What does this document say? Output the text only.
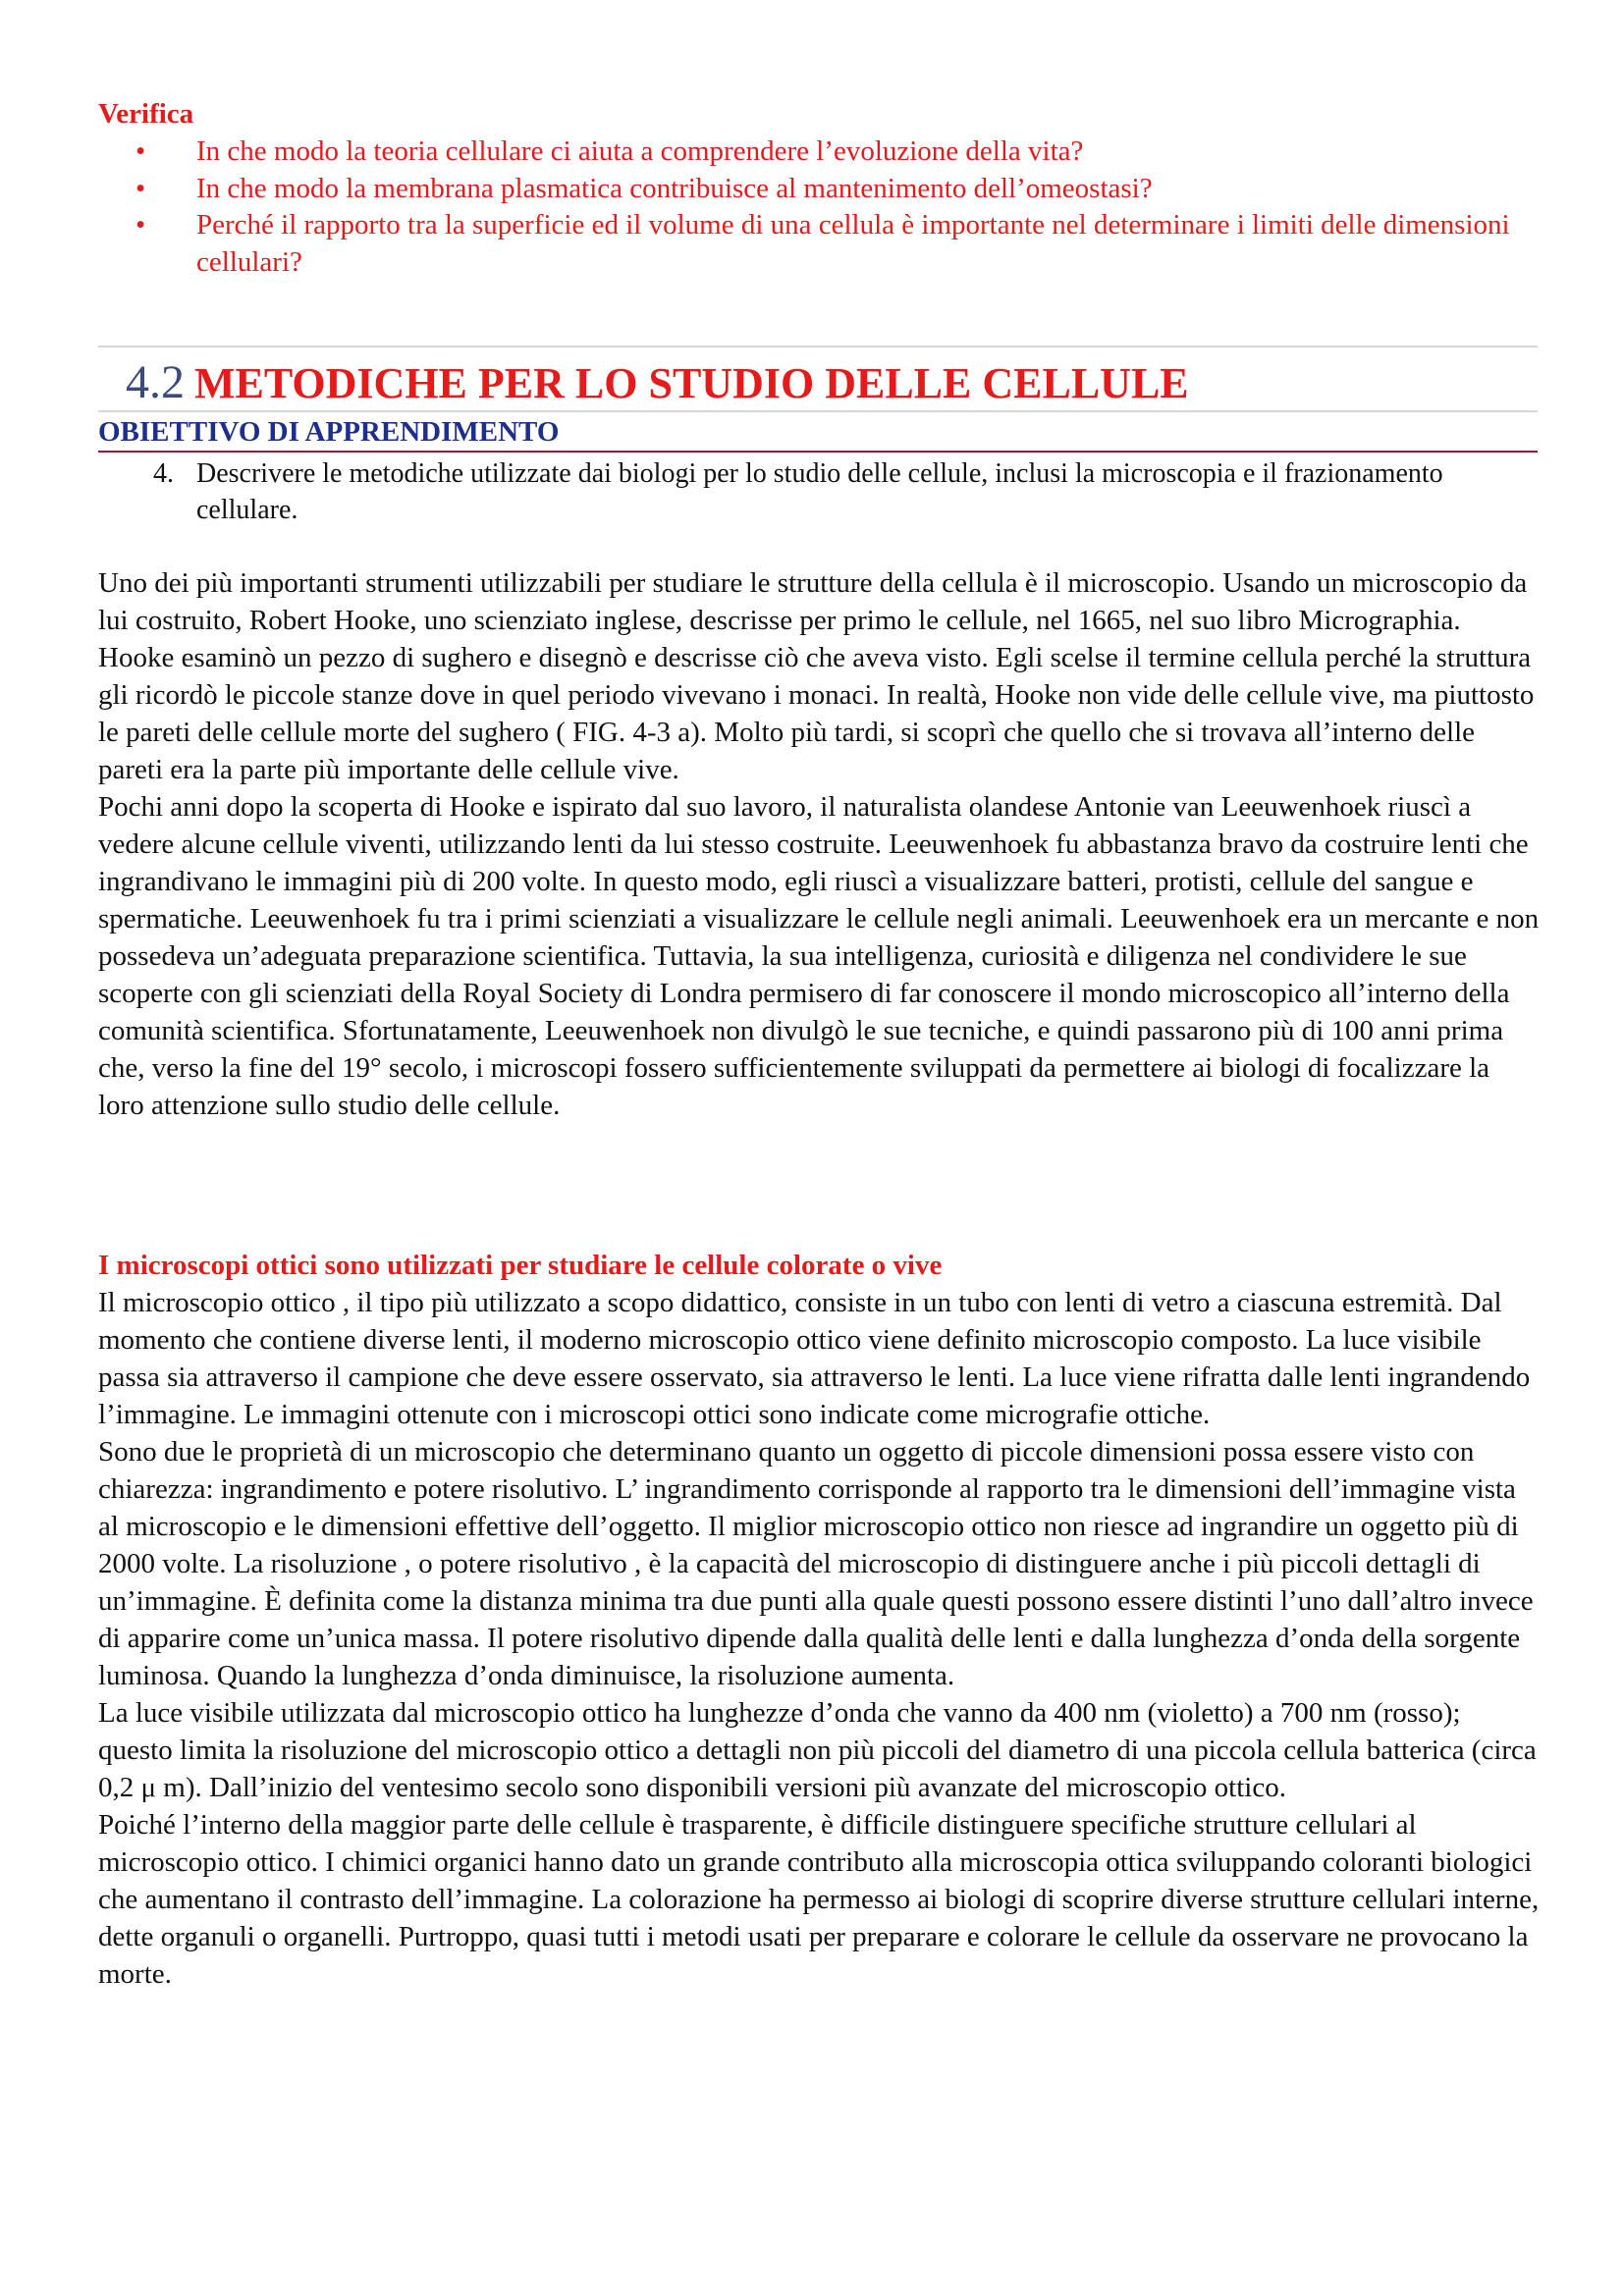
Verifica
• In che modo la teoria cellulare ci aiuta a comprendere l’evoluzione della vita?
• In che modo la membrana plasmatica contribuisce al mantenimento dell’omeostasi?
• Perché il rapporto tra la superficie ed il volume di una cellula è importante nel determinare i limiti delle dimensioni cellulari?
4.2 METODICHE PER LO STUDIO DELLE CELLULE
OBIETTIVO DI APPRENDIMENTO
4. Descrivere le metodiche utilizzate dai biologi per lo studio delle cellule, inclusi la microscopia e il frazionamento cellulare.

Uno dei più importanti strumenti utilizzabili per studiare le strutture della cellula è il microscopio. Usando un microscopio da lui costruito, Robert Hooke, uno scienziato inglese, descrisse per primo le cellule, nel 1665, nel suo libro Micrographia. Hooke esaminò un pezzo di sughero e disegnò e descrisse ciò che aveva visto. Egli scelse il termine cellula perché la struttura gli ricordò le piccole stanze dove in quel periodo vivevano i monaci. In realtà, Hooke non vide delle cellule vive, ma piuttosto le pareti delle cellule morte del sughero ( FIG. 4-3 a). Molto più tardi, si scoprì che quello che si trovava all’interno delle pareti era la parte più importante delle cellule vive.

Pochi anni dopo la scoperta di Hooke e ispirato dal suo lavoro, il naturalista olandese Antonie van Leeuwenhoek riuscì a vedere alcune cellule viventi, utilizzando lenti da lui stesso costruite. Leeuwenhoek fu abbastanza bravo da costruire lenti che ingrandivano le immagini più di 200 volte. In questo modo, egli riuscì a visualizzare batteri, protisti, cellule del sangue e spermatiche. Leeuwenhoek fu tra i primi scienziati a visualizzare le cellule negli animali. Leeuwenhoek era un mercante e non possedeva un’adeguata preparazione scientifica. Tuttavia, la sua intelligenza, curiosità e diligenza nel condividere le sue scoperte con gli scienziati della Royal Society di Londra permisero di far conoscere il mondo microscopico all’interno della comunità scientifica. Sfortunatamente, Leeuwenhoek non divulgò le sue tecniche, e quindi passarono più di 100 anni prima che, verso la fine del 19° secolo, i microscopi fossero sufficientemente sviluppati da permettere ai biologi di focalizzare la loro attenzione sullo studio delle cellule.

I microscopi ottici sono utilizzati per studiare le cellule colorate o vive

Il microscopio ottico , il tipo più utilizzato a scopo didattico, consiste in un tubo con lenti di vetro a ciascuna estremità. Dal momento che contiene diverse lenti, il moderno microscopio ottico viene definito microscopio composto. La luce visibile passa sia attraverso il campione che deve essere osservato, sia attraverso le lenti. La luce viene rifratta dalle lenti ingrandendo l’immagine. Le immagini ottenute con i microscopi ottici sono indicate come micrografie ottiche.

Sono due le proprietà di un microscopio che determinano quanto un oggetto di piccole dimensioni possa essere visto con chiarezza: ingrandimento e potere risolutivo. L’ ingrandimento corrisponde al rapporto tra le dimensioni dell’immagine vista al microscopio e le dimensioni effettive dell’oggetto. Il miglior microscopio ottico non riesce ad ingrandire un oggetto più di 2000 volte. La risoluzione , o potere risolutivo , è la capacità del microscopio di distinguere anche i più piccoli dettagli di un’immagine. È definita come la distanza minima tra due punti alla quale questi possono essere distinti l’uno dall’altro invece di apparire come un’unica massa. Il potere risolutivo dipende dalla qualità delle lenti e dalla lunghezza d’onda della sorgente luminosa. Quando la lunghezza d’onda diminuisce, la risoluzione aumenta.

La luce visibile utilizzata dal microscopio ottico ha lunghezze d’onda che vanno da 400 nm (violetto) a 700 nm (rosso); questo limita la risoluzione del microscopio ottico a dettagli non più piccoli del diametro di una piccola cellula batterica (circa 0,2 μ m). Dall’inizio del ventesimo secolo sono disponibili versioni più avanzate del microscopio ottico.

Poiché l’interno della maggior parte delle cellule è trasparente, è difficile distinguere specifiche strutture cellulari al microscopio ottico. I chimici organici hanno dato un grande contributo alla microscopia ottica sviluppando coloranti biologici che aumentano il contrasto dell’immagine. La colorazione ha permesso ai biologi di scoprire diverse strutture cellulari interne, dette organuli o organelli. Purtroppo, quasi tutti i metodi usati per preparare e colorare le cellule da osservare ne provocano la morte.
